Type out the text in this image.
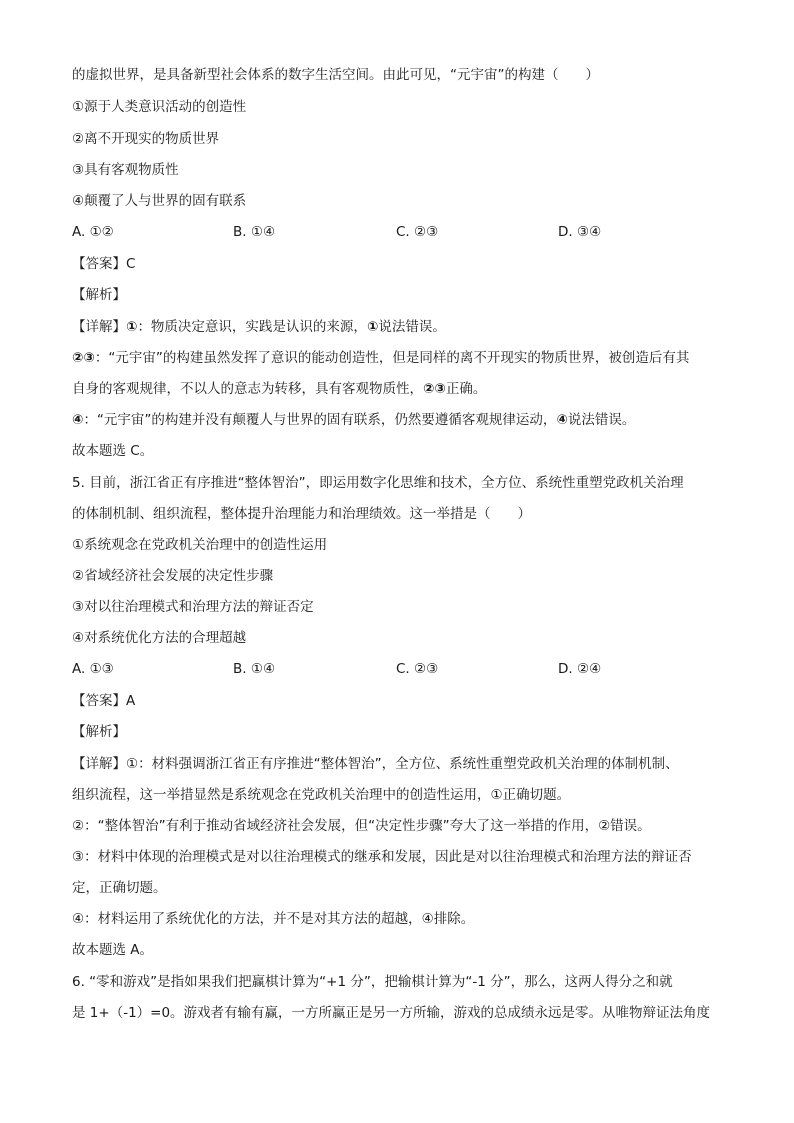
的虚拟世界，是具备新型社会体系的数字生活空间。由此可见，“元宇宙”的构建（　　）
①源于人类意识活动的创造性
②离不开现实的物质世界
③具有客观物质性
④颠覆了人与世界的固有联系
A. ①②	B. ①④	C. ②③	D. ③④
【答案】C
【解析】
【详解】①：物质决定意识，实践是认识的来源，①说法错误。
②③：“元宇宙”的构建虽然发挥了意识的能动创造性，但是同样的离不开现实的物质世界，被创造后有其
自身的客观规律，不以人的意志为转移，具有客观物质性，②③正确。
④：“元宇宙”的构建并没有颠覆人与世界的固有联系，仍然要遵循客观规律运动，④说法错误。
故本题选 C。
5. 目前，浙江省正有序推进“整体智治”，即运用数字化思维和技术，全方位、系统性重塑党政机关治理
的体制机制、组织流程，整体提升治理能力和治理绩效。这一举措是（　　）
①系统观念在党政机关治理中的创造性运用
②省域经济社会发展的决定性步骤
③对以往治理模式和治理方法的辩证否定
④对系统优化方法的合理超越
A. ①③	B. ①④	C. ②③	D. ②④
【答案】A
【解析】
【详解】①：材料强调浙江省正有序推进“整体智治”，全方位、系统性重塑党政机关治理的体制机制、
组织流程，这一举措显然是系统观念在党政机关治理中的创造性运用，①正确切题。
②：“整体智治”有利于推动省域经济社会发展，但“决定性步骤”夸大了这一举措的作用，②错误。
③：材料中体现的治理模式是对以往治理模式的继承和发展，因此是对以往治理模式和治理方法的辩证否
定，正确切题。
④：材料运用了系统优化的方法，并不是对其方法的超越，④排除。
故本题选 A。
6. “零和游戏”是指如果我们把赢棋计算为“+1 分”，把输棋计算为“-1 分”，那么，这两人得分之和就
是 1+（-1）=0。游戏者有输有赢，一方所赢正是另一方所输，游戏的总成绩永远是零。从唯物辩证法角度
